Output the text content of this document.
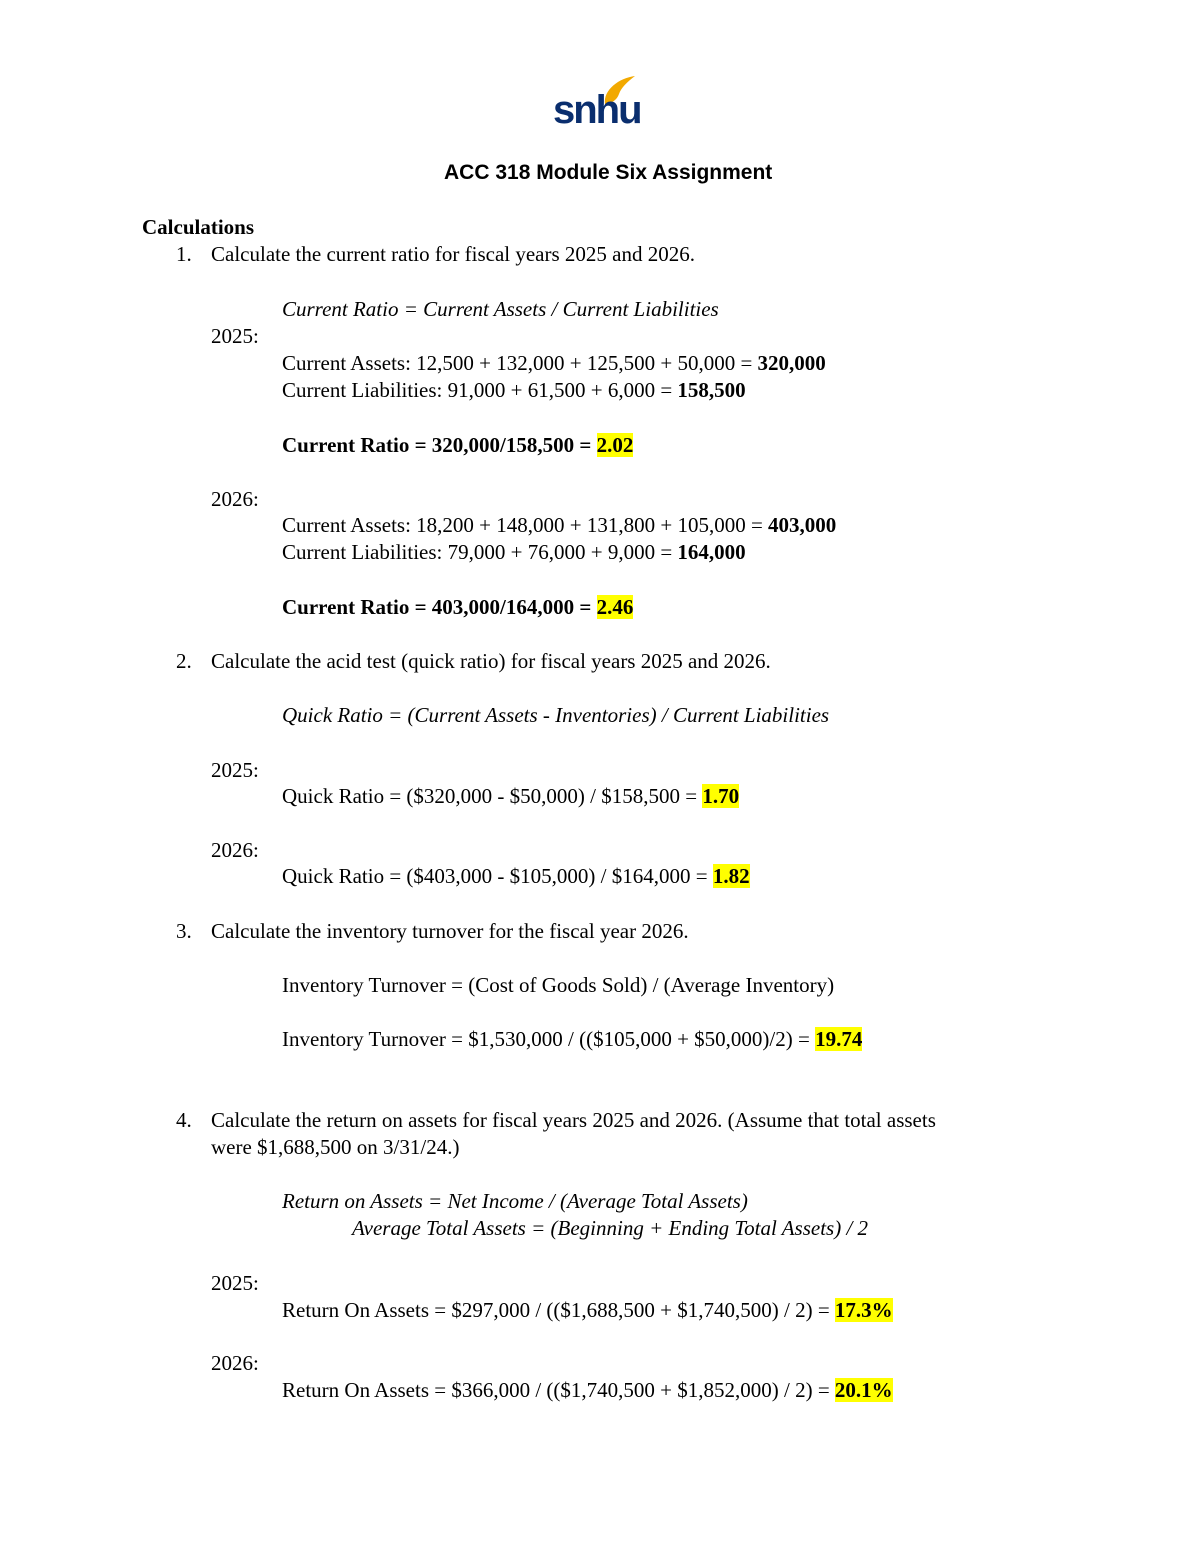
snhu
ACC 318 Module Six Assignment
Calculations
1. Calculate the current ratio for fiscal years 2025 and 2026.
Current Ratio = Current Assets / Current Liabilities
2025:
Current Assets: 12,500 + 132,000 + 125,500 + 50,000 = 320,000
Current Liabilities: 91,000 + 61,500 + 6,000 = 158,500
Current Ratio = 320,000/158,500 = 2.02
2026:
Current Assets: 18,200 + 148,000 + 131,800 + 105,000 = 403,000
Current Liabilities: 79,000 + 76,000 + 9,000 = 164,000
Current Ratio = 403,000/164,000 = 2.46
2. Calculate the acid test (quick ratio) for fiscal years 2025 and 2026.
Quick Ratio = (Current Assets - Inventories) / Current Liabilities
2025:
Quick Ratio = ($320,000 - $50,000) / $158,500 = 1.70
2026:
Quick Ratio = ($403,000 - $105,000) / $164,000 = 1.82
3. Calculate the inventory turnover for the fiscal year 2026.
Inventory Turnover = (Cost of Goods Sold) / (Average Inventory)
Inventory Turnover = $1,530,000 / (($105,000 + $50,000)/2) = 19.74
4. Calculate the return on assets for fiscal years 2025 and 2026. (Assume that total assets
were $1,688,500 on 3/31/24.)
Return on Assets = Net Income / (Average Total Assets)
Average Total Assets = (Beginning + Ending Total Assets) / 2
2025:
Return On Assets = $297,000 / (($1,688,500 + $1,740,500) / 2) = 17.3%
2026:
Return On Assets = $366,000 / (($1,740,500 + $1,852,000) / 2) = 20.1%
